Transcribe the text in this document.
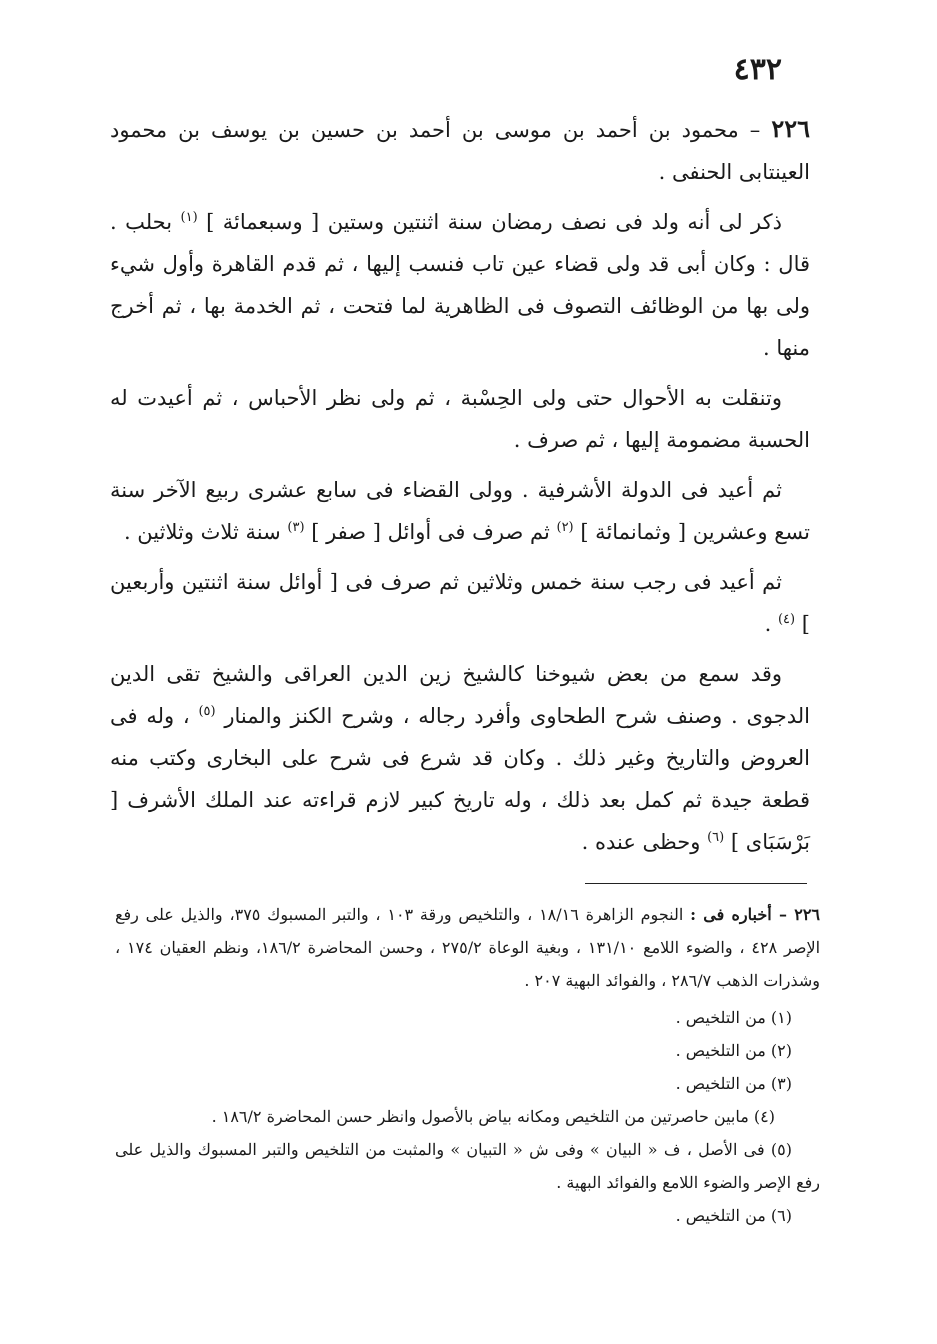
٤٣٢

٢٢٦ – محمود بن أحمد بن موسى بن أحمد بن حسين بن يوسف بن محمود العينتابى الحنفى .

ذكر لى أنه ولد فى نصف رمضان سنة اثنتين وستين [ وسبعمائة ] $^{(١)}$ بحلب . قال : وكان أبى قد ولى قضاء عين تاب فنسب إليها ، ثم قدم القاهرة وأول شيء ولى بها من الوظائف التصوف فى الظاهرية لما فتحت ، ثم الخدمة بها ، ثم أخرج منها .

وتنقلت به الأحوال حتى ولى الحِسْبة ، ثم ولى نظر الأحباس ، ثم أعيدت له الحسبة مضمومة إليها ، ثم صرف .

ثم أعيد فى الدولة الأشرفية . وولى القضاء فى سابع عشرى ربيع الآخر سنة تسع وعشرين [ وثمانمائة ] $^{(٢)}$ ثم صرف فى أوائل [ صفر ] $^{(٣)}$ سنة ثلاث وثلاثين .

ثم أعيد فى رجب سنة خمس وثلاثين ثم صرف فى [ أوائل سنة اثنتين وأربعين ] $^{(٤)}$ .

وقد سمع من بعض شيوخنا كالشيخ زين الدين العراقى والشيخ تقى الدين الدجوى . وصنف شرح الطحاوى وأفرد رجاله ، وشرح الكنز والمنار $^{(٥)}$ ، وله فى العروض والتاريخ وغير ذلك . وكان قد شرع فى شرح على البخارى وكتب منه قطعة جيدة ثم كمل بعد ذلك ، وله تاريخ كبير لازم قراءته عند الملك الأشرف [ بَرْسَبَاى ] $^{(٦)}$ وحظى عنده .

٢٢٦ – أخباره فى : النجوم الزاهرة ١٨/١٦ ، والتلخيص ورقة ١٠٣ ، والتبر المسبوك ٣٧٥، والذيل على رفع الإصر ٤٢٨ ، والضوء اللامع ١٣١/١٠ ، وبغية الوعاة ٢٧٥/٢ ، وحسن المحاضرة ١٨٦/٢، ونظم العقيان ١٧٤ ، وشذرات الذهب ٢٨٦/٧ ، والفوائد البهية ٢٠٧ .

(١) من التلخيص .

(٢) من التلخيص .

(٣) من التلخيص .

(٤) مابين حاصرتين من التلخيص ومكانه بياض بالأصول وانظر حسن المحاضرة ١٨٦/٢ .

(٥) فى الأصل ، ف « البيان » وفى ش « التبيان » والمثبت من التلخيص والتبر المسبوك والذيل على رفع الإصر والضوء اللامع والفوائد البهية .

(٦) من التلخيص .
